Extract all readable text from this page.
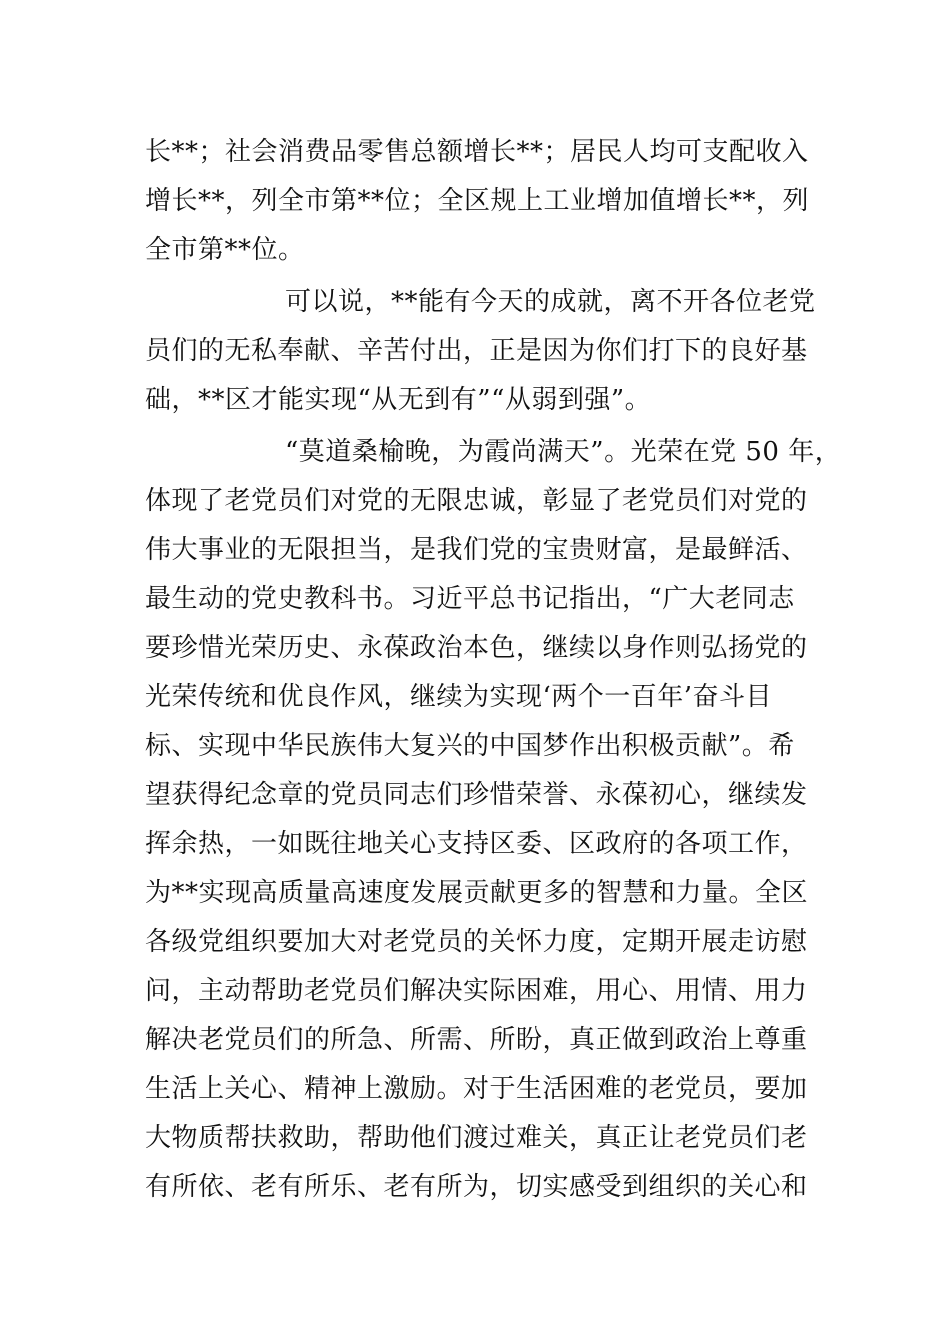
长**；社会消费品零售总额增长**；居民人均可支配收入
增长**，列全市第**位；全区规上工业增加值增长**，列
全市第**位。
可以说，**能有今天的成就，离不开各位老党
员们的无私奉献、辛苦付出，正是因为你们打下的良好基
础，**区才能实现“从无到有”“从弱到强”。
“莫道桑榆晚，为霞尚满天”。光荣在党 50 年，
体现了老党员们对党的无限忠诚，彰显了老党员们对党的
伟大事业的无限担当，是我们党的宝贵财富，是最鲜活、
最生动的党史教科书。习近平总书记指出，“广大老同志
要珍惜光荣历史、永葆政治本色，继续以身作则弘扬党的
光荣传统和优良作风，继续为实现‘两个一百年’奋斗目
标、实现中华民族伟大复兴的中国梦作出积极贡献”。希
望获得纪念章的党员同志们珍惜荣誉、永葆初心，继续发
挥余热，一如既往地关心支持区委、区政府的各项工作，
为**实现高质量高速度发展贡献更多的智慧和力量。全区
各级党组织要加大对老党员的关怀力度，定期开展走访慰
问，主动帮助老党员们解决实际困难，用心、用情、用力
解决老党员们的所急、所需、所盼，真正做到政治上尊重
生活上关心、精神上激励。对于生活困难的老党员，要加
大物质帮扶救助，帮助他们渡过难关，真正让老党员们老
有所依、老有所乐、老有所为，切实感受到组织的关心和
